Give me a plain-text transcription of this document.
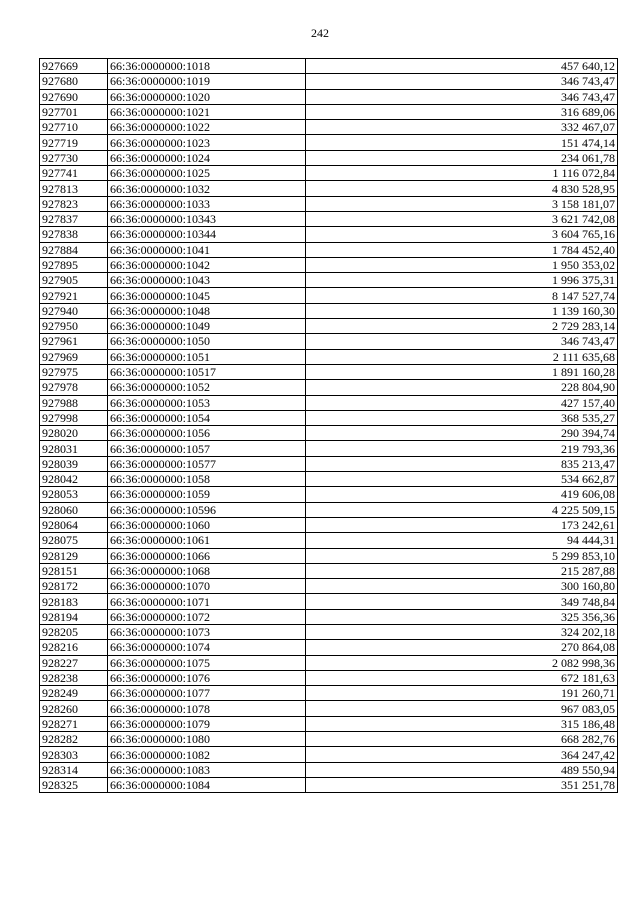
242
927669	66:36:0000000:1018	457 640,12
927680	66:36:0000000:1019	346 743,47
927690	66:36:0000000:1020	346 743,47
927701	66:36:0000000:1021	316 689,06
927710	66:36:0000000:1022	332 467,07
927719	66:36:0000000:1023	151 474,14
927730	66:36:0000000:1024	234 061,78
927741	66:36:0000000:1025	1 116 072,84
927813	66:36:0000000:1032	4 830 528,95
927823	66:36:0000000:1033	3 158 181,07
927837	66:36:0000000:10343	3 621 742,08
927838	66:36:0000000:10344	3 604 765,16
927884	66:36:0000000:1041	1 784 452,40
927895	66:36:0000000:1042	1 950 353,02
927905	66:36:0000000:1043	1 996 375,31
927921	66:36:0000000:1045	8 147 527,74
927940	66:36:0000000:1048	1 139 160,30
927950	66:36:0000000:1049	2 729 283,14
927961	66:36:0000000:1050	346 743,47
927969	66:36:0000000:1051	2 111 635,68
927975	66:36:0000000:10517	1 891 160,28
927978	66:36:0000000:1052	228 804,90
927988	66:36:0000000:1053	427 157,40
927998	66:36:0000000:1054	368 535,27
928020	66:36:0000000:1056	290 394,74
928031	66:36:0000000:1057	219 793,36
928039	66:36:0000000:10577	835 213,47
928042	66:36:0000000:1058	534 662,87
928053	66:36:0000000:1059	419 606,08
928060	66:36:0000000:10596	4 225 509,15
928064	66:36:0000000:1060	173 242,61
928075	66:36:0000000:1061	94 444,31
928129	66:36:0000000:1066	5 299 853,10
928151	66:36:0000000:1068	215 287,88
928172	66:36:0000000:1070	300 160,80
928183	66:36:0000000:1071	349 748,84
928194	66:36:0000000:1072	325 356,36
928205	66:36:0000000:1073	324 202,18
928216	66:36:0000000:1074	270 864,08
928227	66:36:0000000:1075	2 082 998,36
928238	66:36:0000000:1076	672 181,63
928249	66:36:0000000:1077	191 260,71
928260	66:36:0000000:1078	967 083,05
928271	66:36:0000000:1079	315 186,48
928282	66:36:0000000:1080	668 282,76
928303	66:36:0000000:1082	364 247,42
928314	66:36:0000000:1083	489 550,94
928325	66:36:0000000:1084	351 251,78
